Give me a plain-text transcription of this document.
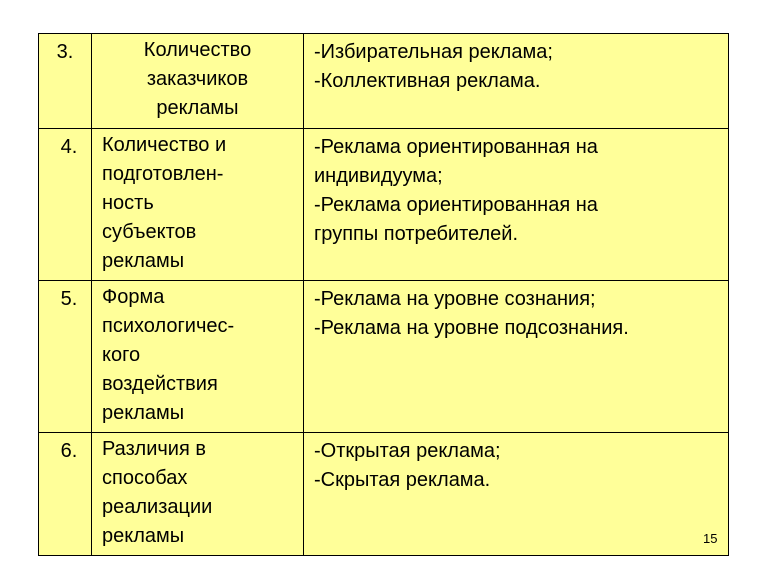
3.	Количество
заказчиков
рекламы	-Избирательная реклама;
-Коллективная реклама.

4.	Количество и
подготовлен-
ность
субъектов
рекламы	-Реклама ориентированная на
индивидуума;
-Реклама ориентированная на
группы потребителей.

5.	Форма
психологичес-
кого
воздействия
рекламы	-Реклама на уровне сознания;
-Реклама на уровне подсознания.

6.	Различия в
способах
реализации
рекламы	-Открытая реклама;
-Скрытая реклама.
15
